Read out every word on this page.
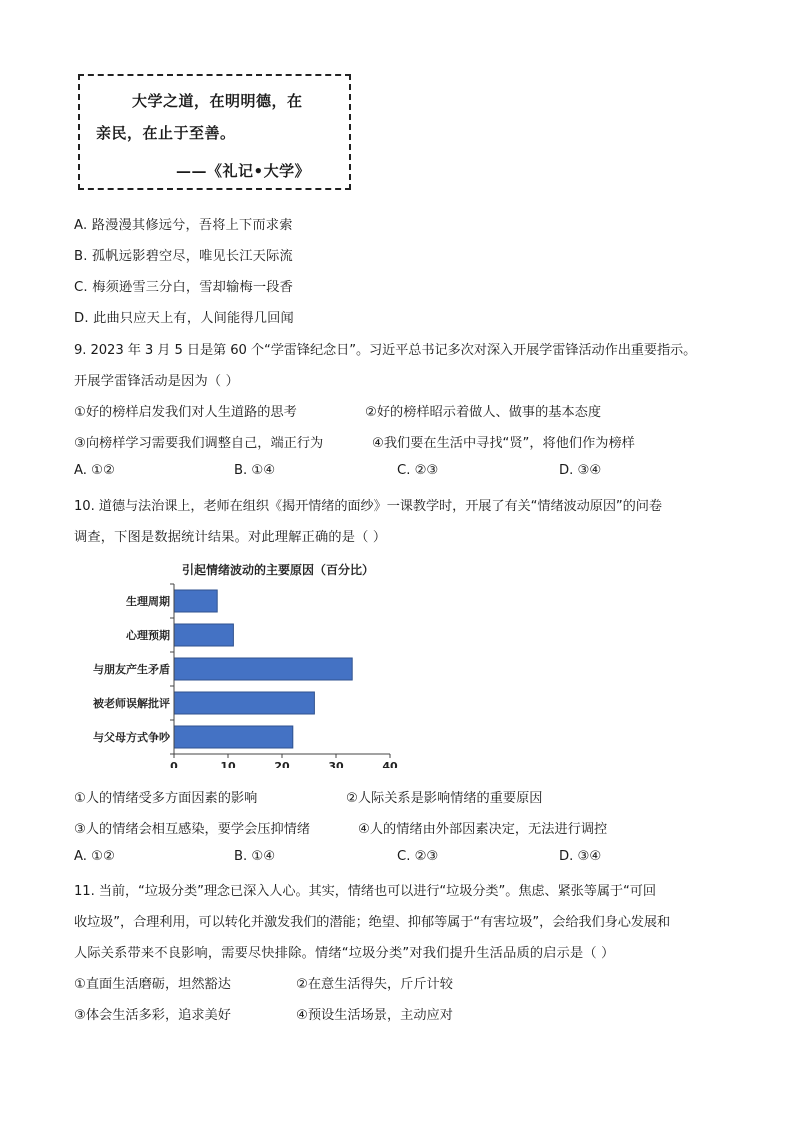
大学之道，在明明德，在
亲民，在止于至善。
——《礼记•大学》
A. 路漫漫其修远兮，吾将上下而求索
B. 孤帆远影碧空尽，唯见长江天际流
C. 梅须逊雪三分白，雪却输梅一段香
D. 此曲只应天上有，人间能得几回闻
9. 2023 年 3 月 5 日是第 60 个“学雷锋纪念日”。习近平总书记多次对深入开展学雷锋活动作出重要指示。
开展学雷锋活动是因为（ ）
①好的榜样启发我们对人生道路的思考	②好的榜样昭示着做人、做事的基本态度
③向榜样学习需要我们调整自己，端正行为	④我们要在生活中寻找“贤”，将他们作为榜样
A. ①②	B. ①④	C. ②③	D. ③④
10. 道德与法治课上，老师在组织《揭开情绪的面纱》一课教学时，开展了有关“情绪波动原因”的问卷
调查，下图是数据统计结果。对此理解正确的是（ ）
引起情绪波动的主要原因（百分比）
生理周期
心理预期
与朋友产生矛盾
被老师误解批评
与父母方式争吵
0	10	20	30	40
①人的情绪受多方面因素的影响	②人际关系是影响情绪的重要原因
③人的情绪会相互感染，要学会压抑情绪	④人的情绪由外部因素决定，无法进行调控
A. ①②	B. ①④	C. ②③	D. ③④
11. 当前，“垃圾分类”理念已深入人心。其实，情绪也可以进行“垃圾分类”。焦虑、紧张等属于“可回
收垃圾”，合理利用，可以转化并激发我们的潜能；绝望、抑郁等属于“有害垃圾”，会给我们身心发展和
人际关系带来不良影响，需要尽快排除。情绪“垃圾分类”对我们提升生活品质的启示是（ ）
①直面生活磨砺，坦然豁达	②在意生活得失，斤斤计较
③体会生活多彩，追求美好	④预设生活场景，主动应对
